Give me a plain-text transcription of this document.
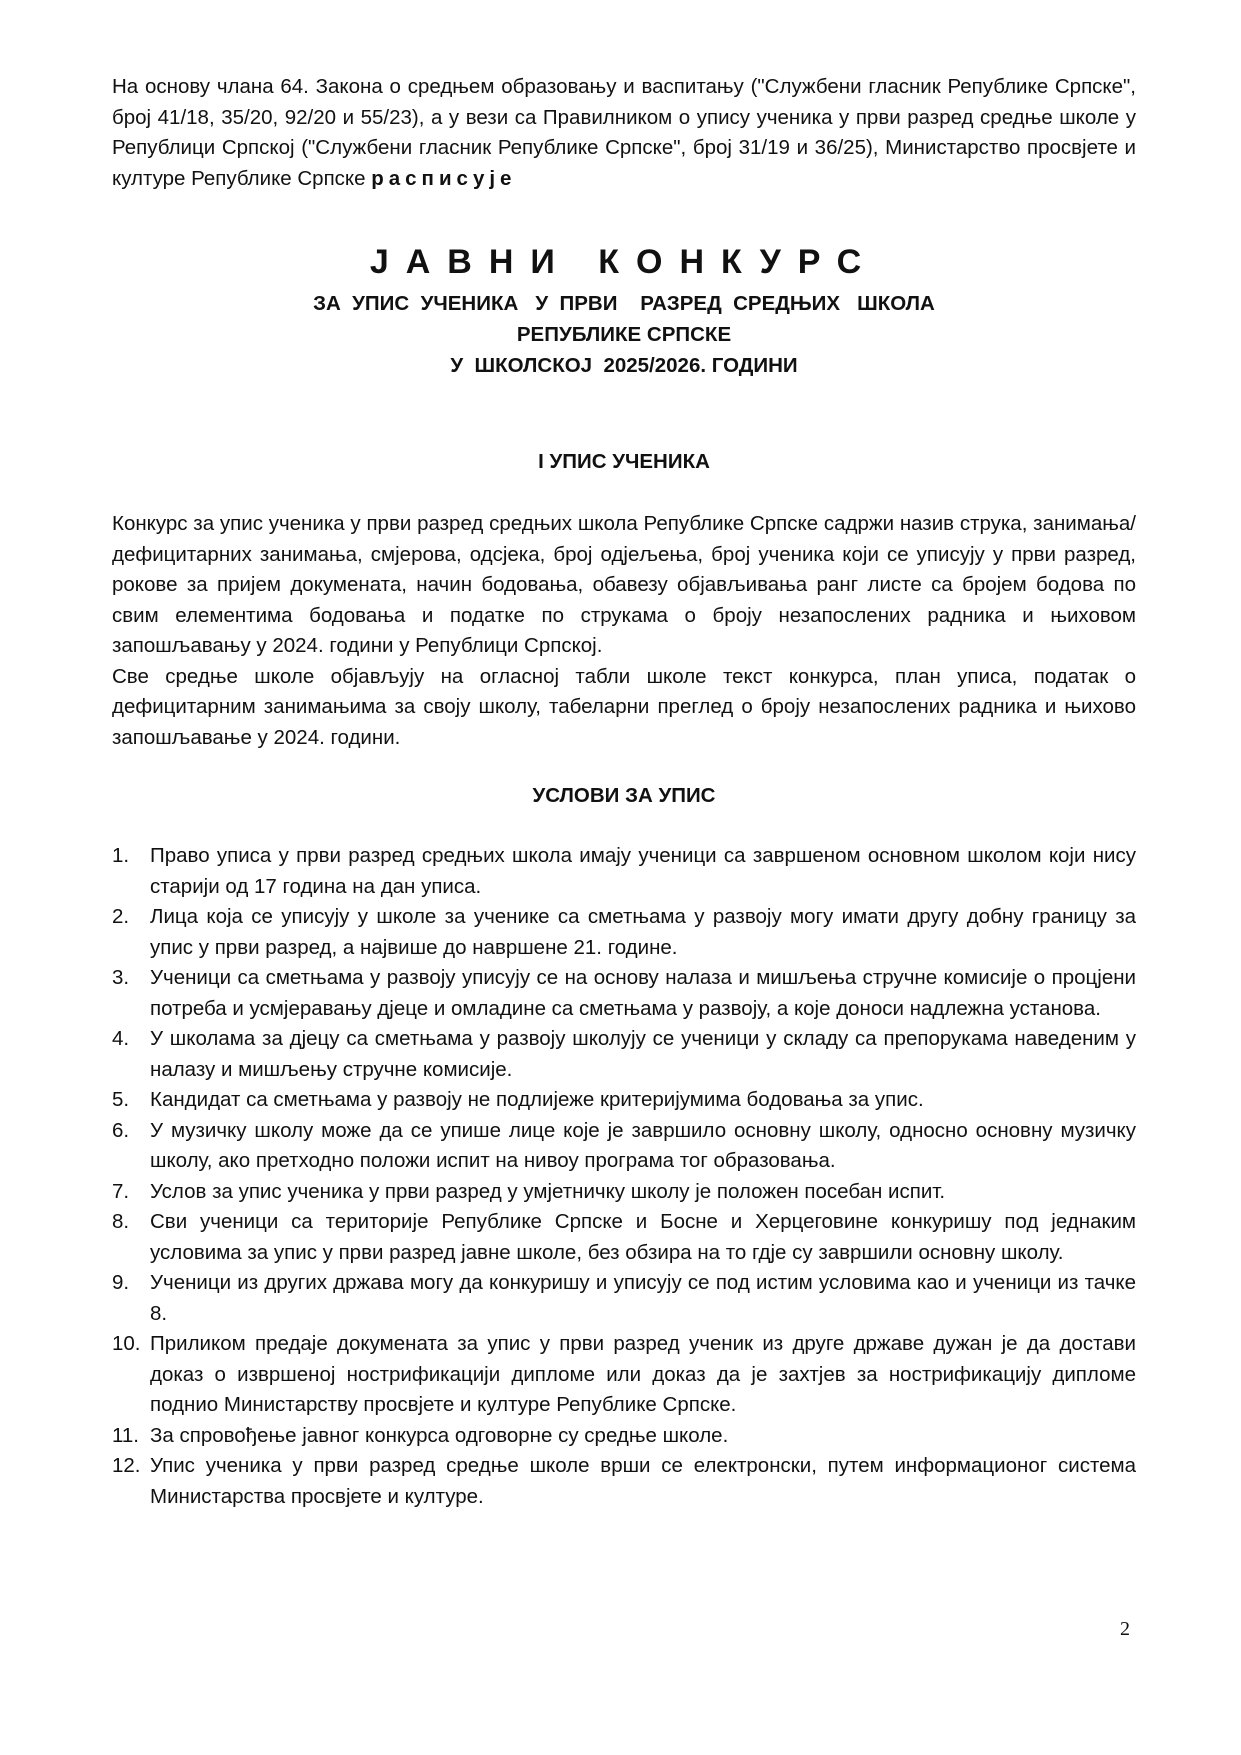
На основу члана 64. Закона о средњем образовању и васпитању ("Службени гласник Републике Српске", број 41/18, 35/20, 92/20 и 55/23), а у вези са Правилником о упису ученика у први разред средње школе у Републици Српској ("Службени гласник Републике Српске", број 31/19 и 36/25), Министарство просвјете и културе Републике Српске расписује

ЈАВНИ КОНКУРС

ЗА  УПИС  УЧЕНИКА   У  ПРВИ    РАЗРЕД  СРЕДЊИХ   ШКОЛА

РЕПУБЛИКЕ СРПСКЕ

У  ШКОЛСКОЈ  2025/2026. ГОДИНИ

I УПИС УЧЕНИКА

Конкурс за упис ученика у први разред средњих школа Републике Српске садржи назив струка, занимања/дефицитарних занимања, смјерова, одсјека, број одјељења, број ученика који се уписују у први разред, рокове за пријем докумената, начин бодовања, обавезу објављивања ранг листе са бројем бодова по свим елементима бодовања и податке по струкама о броју незапослених радника и њиховом запошљавању у 2024. години у Републици Српској.

Све средње школе објављују на огласној табли школе текст конкурса, план уписа, податак о дефицитарним занимањима за своју школу, табеларни преглед о броју незапослених радника и њихово запошљавање у 2024. години.

УСЛОВИ ЗА УПИС

1.	Право уписа у први разред средњих школа имају ученици са завршеном основном школом који нису старији од 17 година на дан уписа.
2.	Лица која се уписују у школе за ученике са сметњама у развоју могу имати другу добну границу за упис у први разред, а највише до навршене 21. године.
3.	Ученици са сметњама у развоју уписују се на основу налаза и мишљења стручне комисије о процјени потреба и усмјеравању дјеце и омладине са сметњама у развоју, а које доноси надлежна установа.
4.	У школама за дјецу са сметњама у развоју школују се ученици у складу са препорукама наведеним у налазу и мишљењу стручне комисије.
5.	Кандидат са сметњама у развоју не подлијеже критеријумима бодовања за упис.
6.	У музичку школу може да се упише лице које је завршило основну школу, односно основну музичку школу, ако претходно положи испит на нивоу програма тог образовања.
7.	Услов за упис ученика у први разред у умјетничку школу је положен посебан испит.
8.	Сви ученици са територије Републике Српске и Босне и Херцеговине конкуришу под једнаким условима за упис у први разред јавне школе, без обзира на то гдје су завршили основну школу.
9.	Ученици из других држава могу да конкуришу и уписују се под истим условима као и ученици из тачке 8.
10. Приликом предаје докумената за упис у први разред ученик из друге државе дужан је да достави доказ о извршеној нострификацији дипломе или доказ да је захтјев за нострификацију дипломе поднио Министарству просвјете и културе Републике Српске.
11. За спровођење јавног конкурса одговорне су средње школе.
12. Упис ученика у први разред средње школе врши се електронски, путем информационог система Министарства просвјете и културе.
2
